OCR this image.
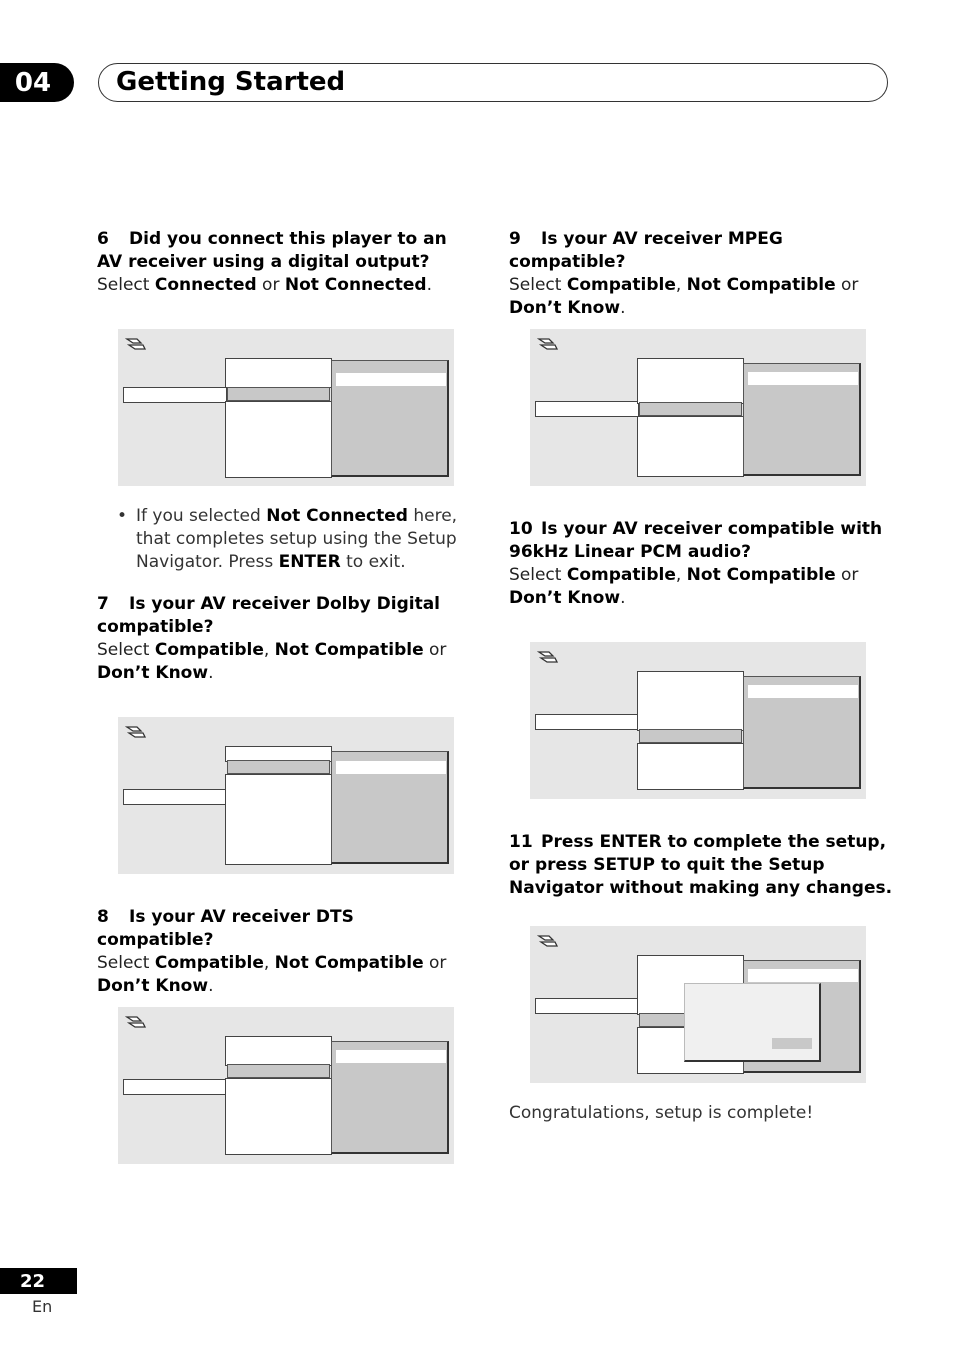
04	Getting Started
6 Did you connect this player to an AV receiver using a digital output?
Select Connected or Not Connected.
• If you selected Not Connected here, that completes setup using the Setup Navigator. Press ENTER to exit.
7 Is your AV receiver Dolby Digital compatible?
Select Compatible, Not Compatible or Don’t Know.
8 Is your AV receiver DTS compatible?
Select Compatible, Not Compatible or Don’t Know.
9 Is your AV receiver MPEG compatible?
Select Compatible, Not Compatible or Don’t Know.
10 Is your AV receiver compatible with 96kHz Linear PCM audio?
Select Compatible, Not Compatible or Don’t Know.
11 Press ENTER to complete the setup, or press SETUP to quit the Setup Navigator without making any changes.
Congratulations, setup is complete!
22
En
